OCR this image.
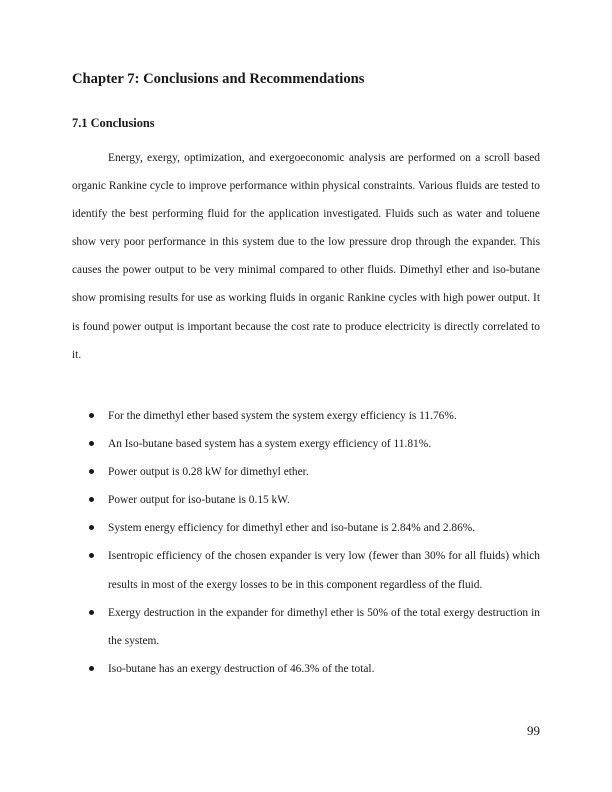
Chapter 7: Conclusions and Recommendations
7.1 Conclusions

Energy, exergy, optimization, and exergoeconomic analysis are performed on a scroll based organic Rankine cycle to improve performance within physical constraints. Various fluids are tested to identify the best performing fluid for the application investigated. Fluids such as water and toluene show very poor performance in this system due to the low pressure drop through the expander. This causes the power output to be very minimal compared to other fluids. Dimethyl ether and iso-butane show promising results for use as working fluids in organic Rankine cycles with high power output. It is found power output is important because the cost rate to produce electricity is directly correlated to it.

For the dimethyl ether based system the system exergy efficiency is 11.76%.
An Iso-butane based system has a system exergy efficiency of 11.81%.
Power output is 0.28 kW for dimethyl ether.
Power output for iso-butane is 0.15 kW.
System energy efficiency for dimethyl ether and iso-butane is 2.84% and 2.86%.
Isentropic efficiency of the chosen expander is very low (fewer than 30% for all fluids) which results in most of the exergy losses to be in this component regardless of the fluid.
Exergy destruction in the expander for dimethyl ether is 50% of the total exergy destruction in the system.
Iso-butane has an exergy destruction of 46.3% of the total.

99
